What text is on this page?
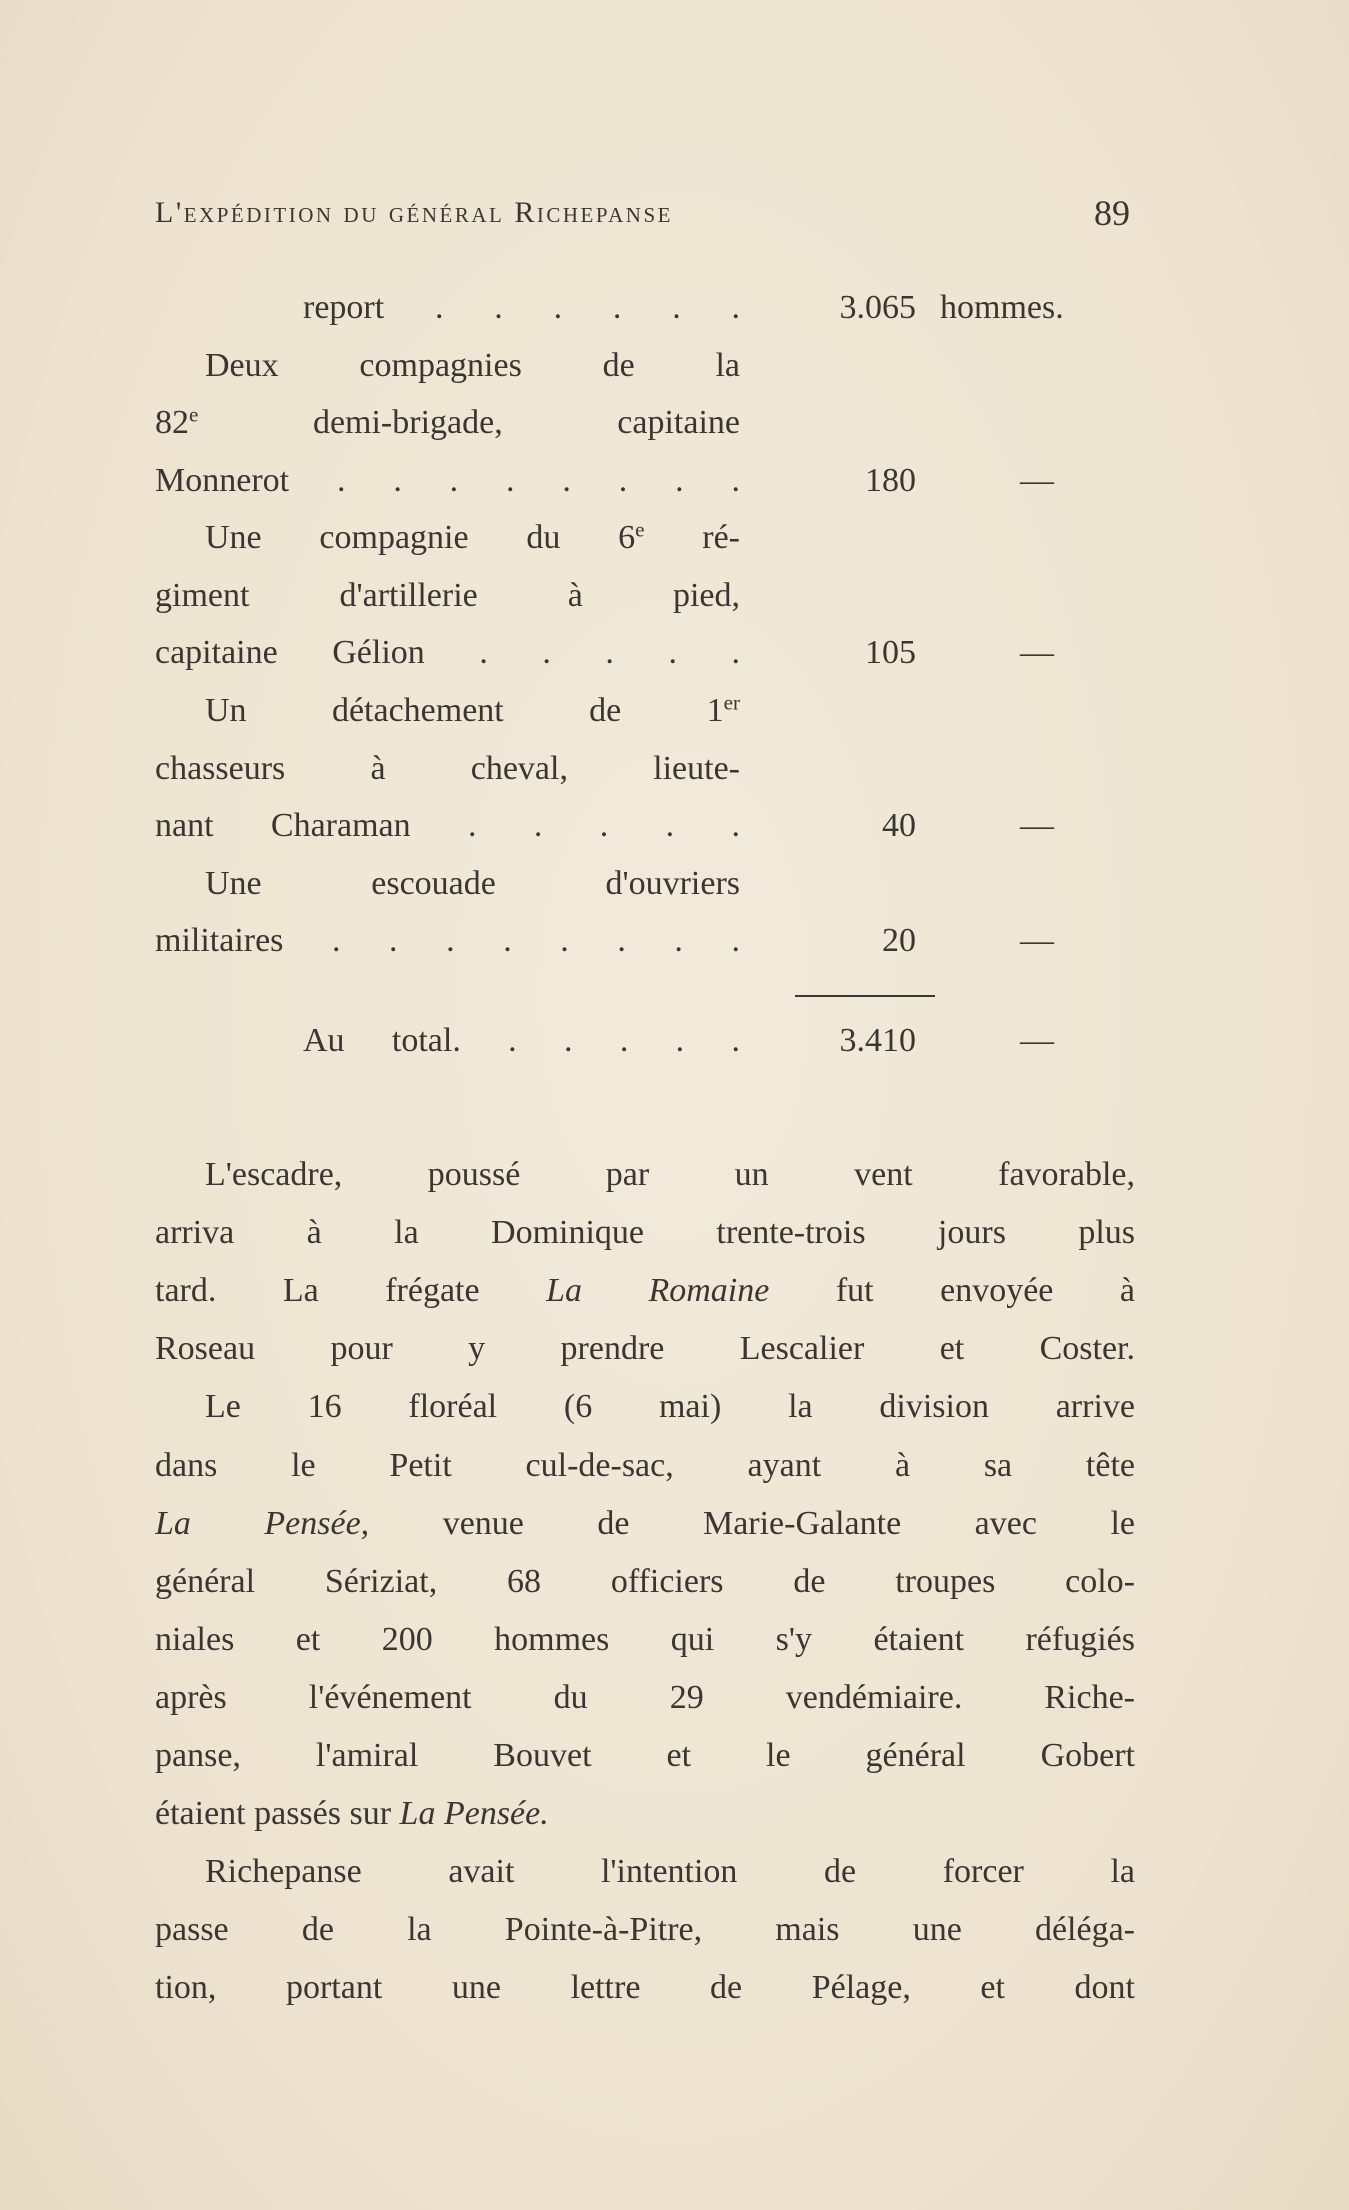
L'expédition du général Richepanse	89
report . . . . . .	3.065 hommes.
Deux compagnies de la
82e demi-brigade, capitaine
Monnerot . . . . . . . .	180	—
Une compagnie du 6e ré-
giment d'artillerie à pied,
capitaine Gélion . . . . .	105	—
Un détachement de 1er
chasseurs à cheval, lieute-
nant Charaman . . . . .	40	—
Une escouade d'ouvriers
militaires . . . . . . . .	20	—
Au total. . . . . .	3.410	—
L'escadre, poussé par un vent favorable,
arriva à la Dominique trente-trois jours plus
tard. La frégate La Romaine fut envoyée à
Roseau pour y prendre Lescalier et Coster.
Le 16 floréal (6 mai) la division arrive
dans le Petit cul-de-sac, ayant à sa tête
La Pensée, venue de Marie-Galante avec le
général Sériziat, 68 officiers de troupes colo-
niales et 200 hommes qui s'y étaient réfugiés
après l'événement du 29 vendémiaire. Riche-
panse, l'amiral Bouvet et le général Gobert
étaient passés sur La Pensée.
Richepanse avait l'intention de forcer la
passe de la Pointe-à-Pitre, mais une déléga-
tion, portant une lettre de Pélage, et dont
